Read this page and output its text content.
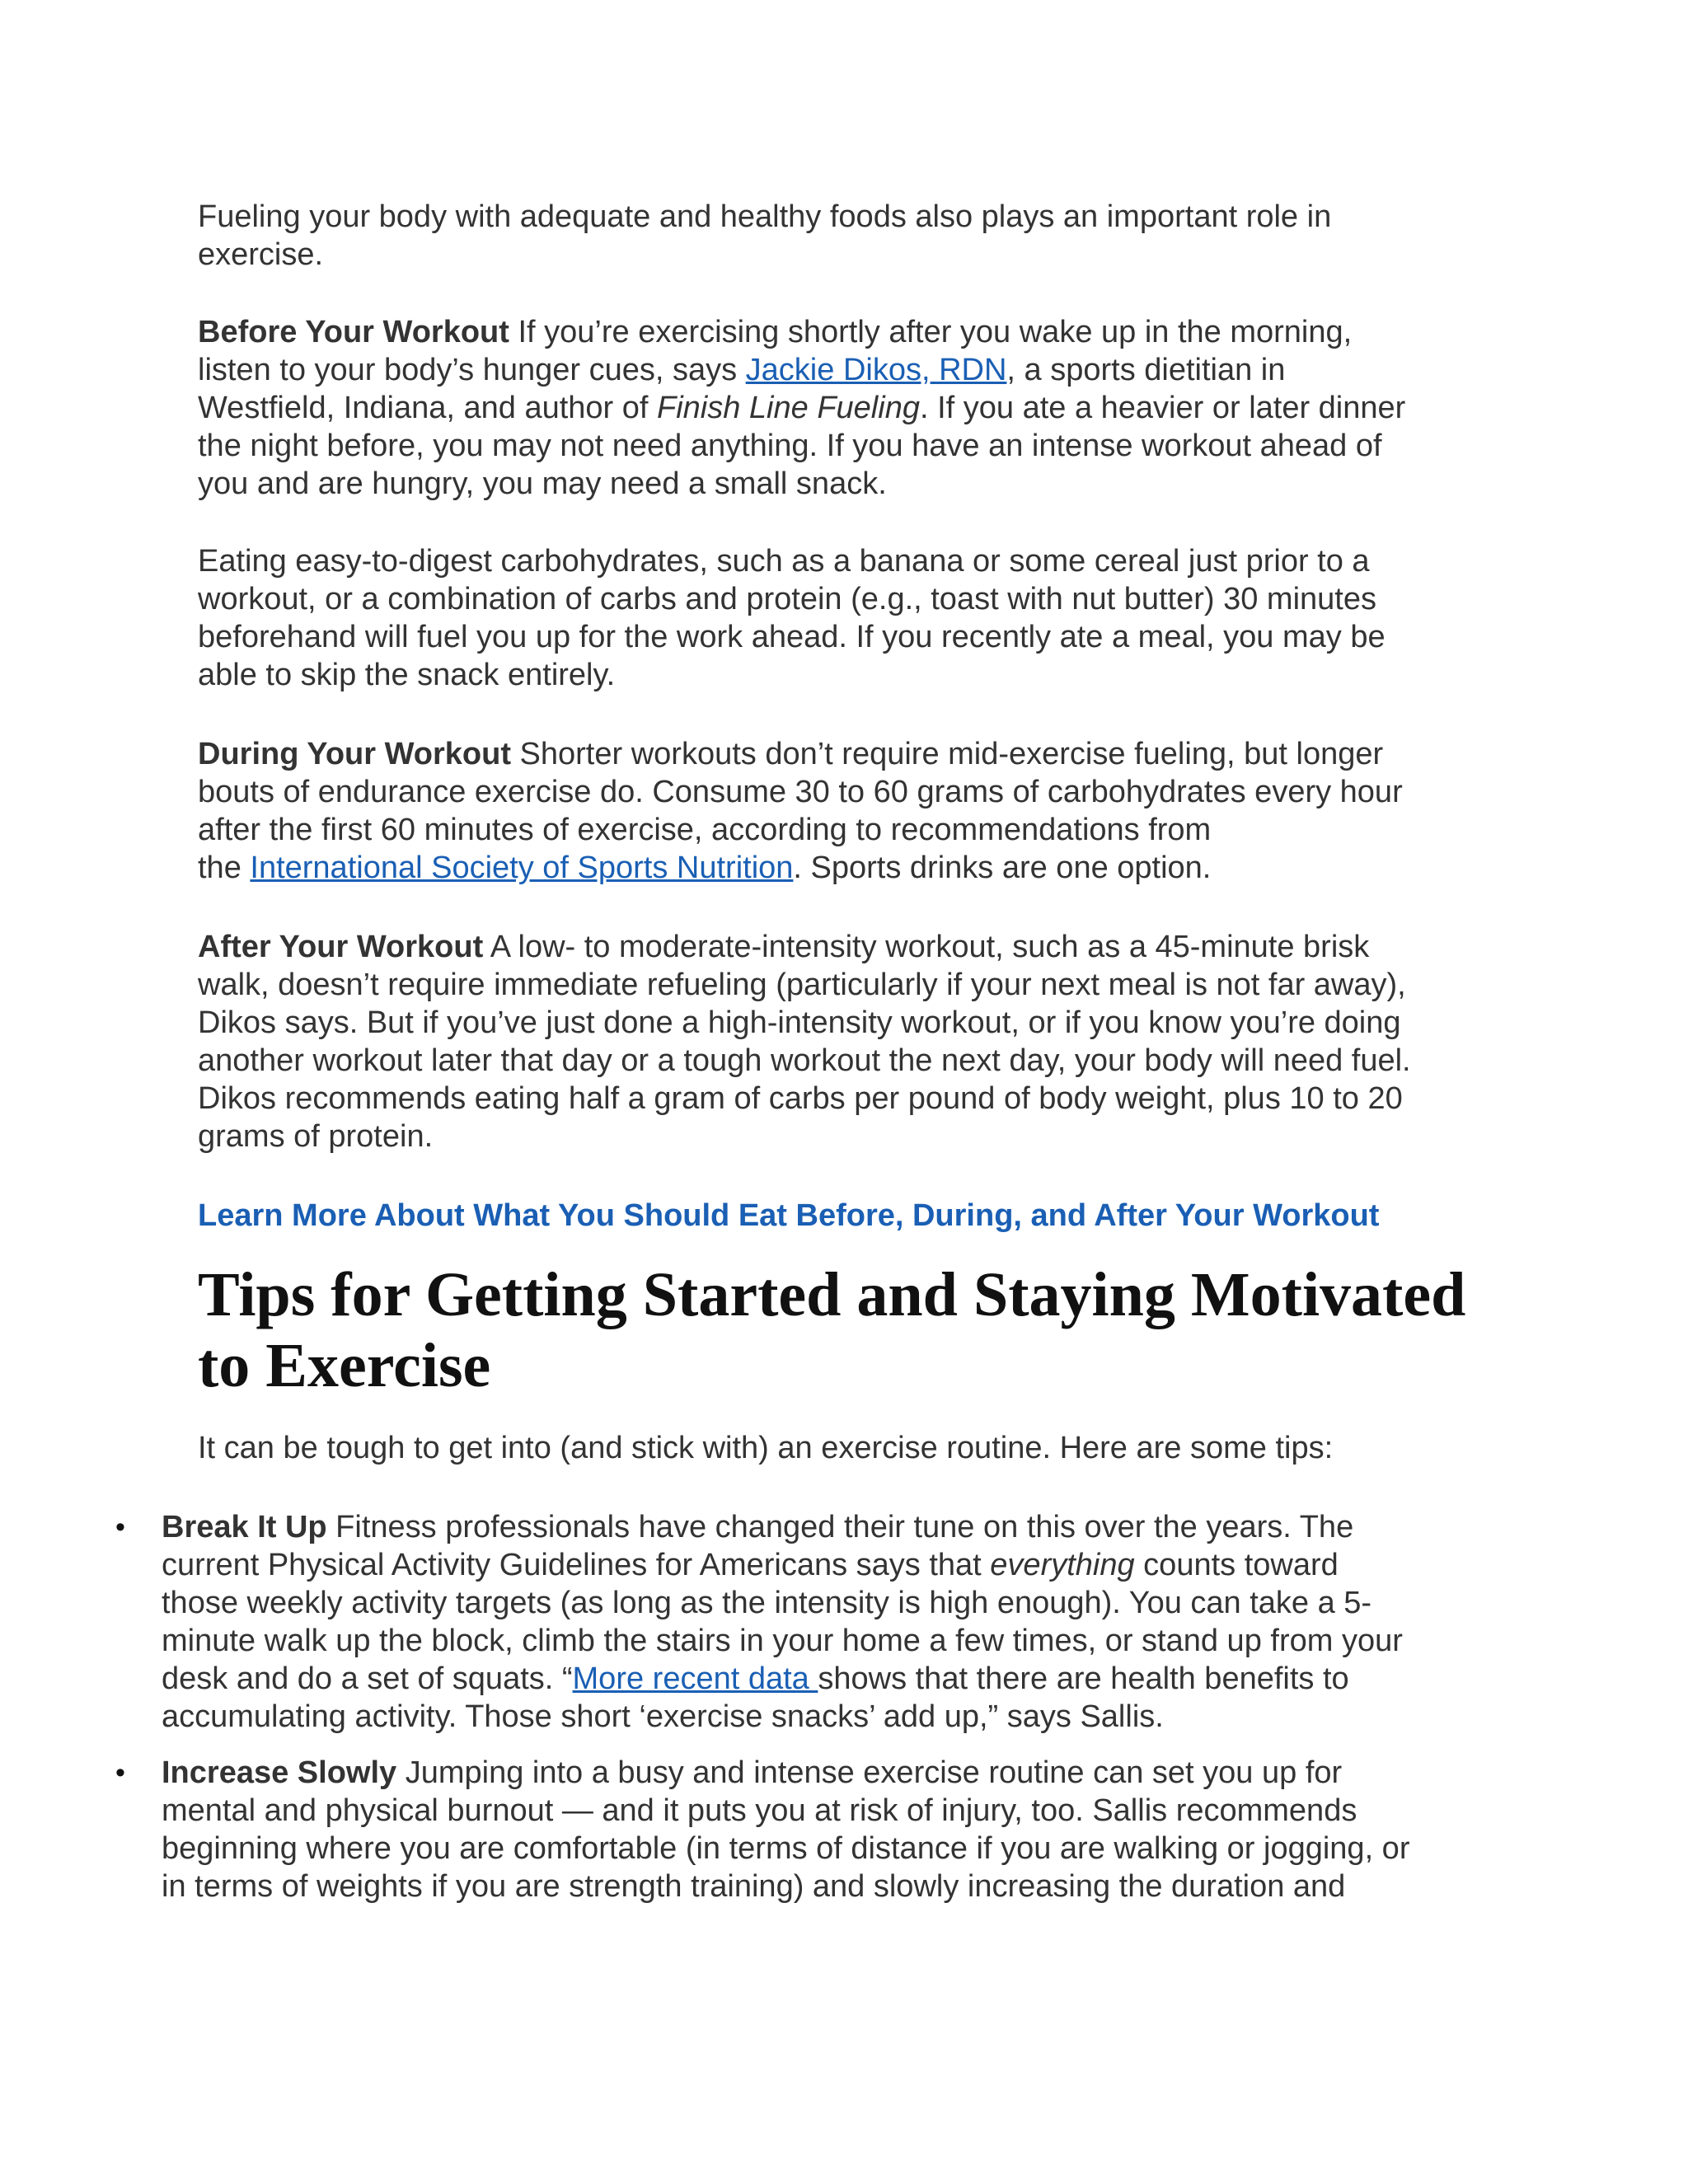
Fueling your body with adequate and healthy foods also plays an important role in
exercise.
Before Your Workout If you’re exercising shortly after you wake up in the morning,
listen to your body’s hunger cues, says Jackie Dikos, RDN, a sports dietitian in
Westfield, Indiana, and author of Finish Line Fueling. If you ate a heavier or later dinner
the night before, you may not need anything. If you have an intense workout ahead of
you and are hungry, you may need a small snack.
Eating easy-to-digest carbohydrates, such as a banana or some cereal just prior to a
workout, or a combination of carbs and protein (e.g., toast with nut butter) 30 minutes
beforehand will fuel you up for the work ahead. If you recently ate a meal, you may be
able to skip the snack entirely.
During Your Workout Shorter workouts don’t require mid-exercise fueling, but longer
bouts of endurance exercise do. Consume 30 to 60 grams of carbohydrates every hour
after the first 60 minutes of exercise, according to recommendations from
the International Society of Sports Nutrition. Sports drinks are one option.
After Your Workout A low- to moderate-intensity workout, such as a 45-minute brisk
walk, doesn’t require immediate refueling (particularly if your next meal is not far away),
Dikos says. But if you’ve just done a high-intensity workout, or if you know you’re doing
another workout later that day or a tough workout the next day, your body will need fuel.
Dikos recommends eating half a gram of carbs per pound of body weight, plus 10 to 20
grams of protein.
Learn More About What You Should Eat Before, During, and After Your Workout
Tips for Getting Started and Staying Motivated
to Exercise
It can be tough to get into (and stick with) an exercise routine. Here are some tips:
• Break It Up Fitness professionals have changed their tune on this over the years. The
current Physical Activity Guidelines for Americans says that everything counts toward
those weekly activity targets (as long as the intensity is high enough). You can take a 5-
minute walk up the block, climb the stairs in your home a few times, or stand up from your
desk and do a set of squats. “More recent data shows that there are health benefits to
accumulating activity. Those short ‘exercise snacks’ add up,” says Sallis.
• Increase Slowly Jumping into a busy and intense exercise routine can set you up for
mental and physical burnout — and it puts you at risk of injury, too. Sallis recommends
beginning where you are comfortable (in terms of distance if you are walking or jogging, or
in terms of weights if you are strength training) and slowly increasing the duration and
